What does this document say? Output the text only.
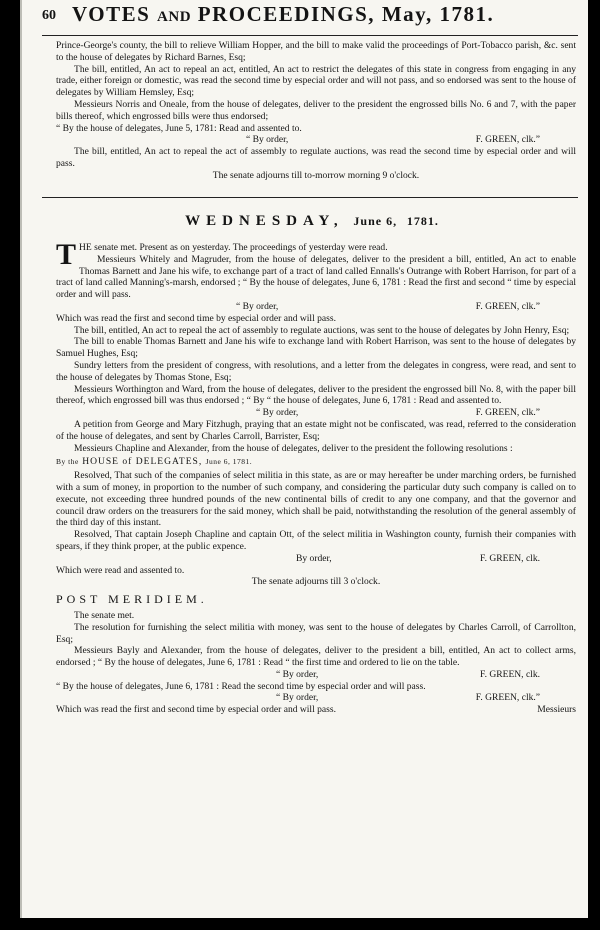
60 VOTES AND PROCEEDINGS, May, 1781.

Prince-George's county, the bill to relieve William Hopper, and the bill to make valid the proceedings of Port-Tobacco parish, &c. sent to the house of delegates by Richard Barnes, Esq;

The bill, entitled, An act to repeal an act, entitled, An act to restrict the delegates of this state in congress from engaging in any trade, either foreign or domestic, was read the second time by especial order and will not pass, and so endorsed was sent to the house of delegates by William Hemsley, Esq;

Messieurs Norris and Oneale, from the house of delegates, deliver to the president the engrossed bills No. 6 and 7, with the paper bills thereof, which engrossed bills were thus endorsed;

“ By the house of delegates, June 5, 1781: Read and assented to.

“ By order,	F. GREEN, clk.”

The bill, entitled, An act to repeal the act of assembly to regulate auctions, was read the second time by especial order and will pass.

The senate adjourns till to-morrow morning 9 o'clock.

WEDNESDAY, June 6, 1781.

THE senate met. Present as on yesterday. The proceedings of yesterday were read.

Messieurs Whitely and Magruder, from the house of delegates, deliver to the president a bill, entitled, An act to enable Thomas Barnett and Jane his wife, to exchange part of a tract of land called Ennalls's Outrange with Robert Harrison, for part of a tract of land called Manning's-marsh, endorsed ; “ By the house of delegates, June 6, 1781 : Read the first and second “ time by especial order and will pass.

“ By order,	F. GREEN, clk.”

Which was read the first and second time by especial order and will pass.

The bill, entitled, An act to repeal the act of assembly to regulate auctions, was sent to the house of delegates by John Henry, Esq;

The bill to enable Thomas Barnett and Jane his wife to exchange land with Robert Harrison, was sent to the house of delegates by Samuel Hughes, Esq;

Sundry letters from the president of congress, with resolutions, and a letter from the delegates in congress, were read, and sent to the house of delegates by Thomas Stone, Esq;

Messieurs Worthington and Ward, from the house of delegates, deliver to the president the engrossed bill No. 8, with the paper bill thereof, which engrossed bill was thus endorsed ; “ By “ the house of delegates, June 6, 1781 : Read and assented to.

“ By order,	F. GREEN, clk.”

A petition from George and Mary Fitzhugh, praying that an estate might not be confiscated, was read, referred to the consideration of the house of delegates, and sent by Charles Carroll, Barrister, Esq;

Messieurs Chapline and Alexander, from the house of delegates, deliver to the president the following resolutions :

By the HOUSE of DELEGATES, June 6, 1781.

Resolved, That such of the companies of select militia in this state, as are or may hereafter be under marching orders, be furnished with a sum of money, in proportion to the number of such company, and considering the particular duty such company is called on to execute, not exceeding three hundred pounds of the new continental bills of credit to any one company, and that the governor and council draw orders on the treasurers for the said money, which shall be paid, notwithstanding the resolution of the general assembly of the third day of this instant.

Resolved, That captain Joseph Chapline and captain Ott, of the select militia in Washington county, furnish their companies with spears, if they think proper, at the public expence.

By order,	F. GREEN, clk.

Which were read and assented to.

The senate adjourns till 3 o'clock.

POST MERIDIEM.

The senate met.

The resolution for furnishing the select militia with money, was sent to the house of delegates by Charles Carroll, of Carrollton, Esq;

Messieurs Bayly and Alexander, from the house of delegates, deliver to the president a bill, entitled, An act to collect arms, endorsed ; “ By the house of delegates, June 6, 1781 : Read “ the first time and ordered to lie on the table.

“ By order,	F. GREEN, clk.

“ By the house of delegates, June 6, 1781 : Read the second time by especial order and will pass.

“ By order,	F. GREEN, clk.”

Which was read the first and second time by especial order and will pass.	Messieurs
